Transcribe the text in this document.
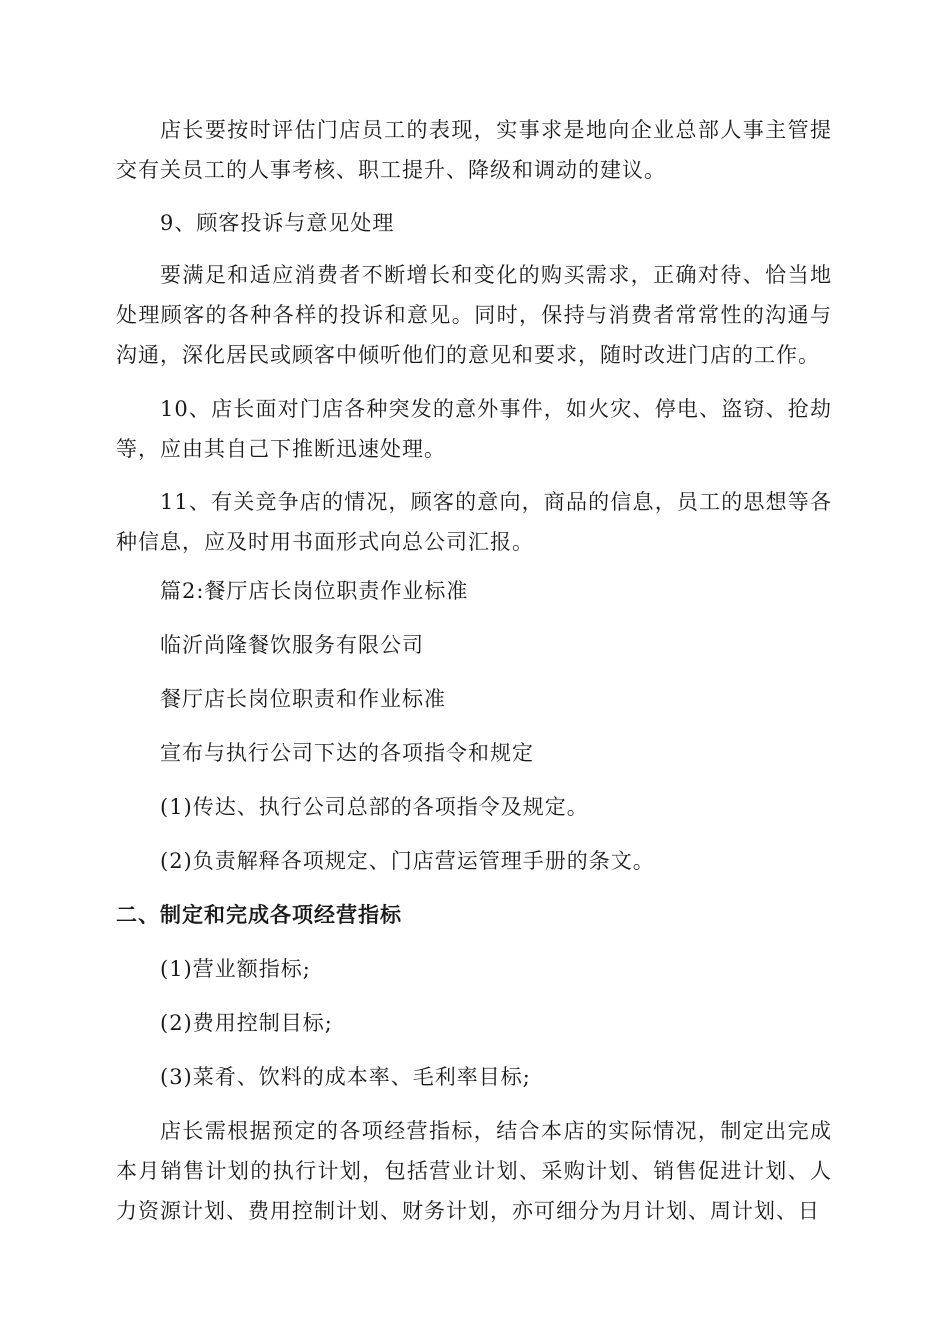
店长要按时评估门店员工的表现，实事求是地向企业总部人事主管提交有关员工的人事考核、职工提升、降级和调动的建议。

9、顾客投诉与意见处理

要满足和适应消费者不断增长和变化的购买需求，正确对待、恰当地处理顾客的各种各样的投诉和意见。同时，保持与消费者常常性的沟通与沟通，深化居民或顾客中倾听他们的意见和要求，随时改进门店的工作。

10、店长面对门店各种突发的意外事件，如火灾、停电、盗窃、抢劫等，应由其自己下推断迅速处理。

11、有关竞争店的情况，顾客的意向，商品的信息，员工的思想等各种信息，应及时用书面形式向总公司汇报。

篇2:餐厅店长岗位职责作业标准

临沂尚隆餐饮服务有限公司

餐厅店长岗位职责和作业标准

宣布与执行公司下达的各项指令和规定

(1)传达、执行公司总部的各项指令及规定。

(2)负责解释各项规定、门店营运管理手册的条文。

二、制定和完成各项经营指标

(1)营业额指标;

(2)费用控制目标;

(3)菜肴、饮料的成本率、毛利率目标;

店长需根据预定的各项经营指标，结合本店的实际情况，制定出完成本月销售计划的执行计划，包括营业计划、采购计划、销售促进计划、人力资源计划、费用控制计划、财务计划，亦可细分为月计划、周计划、日
